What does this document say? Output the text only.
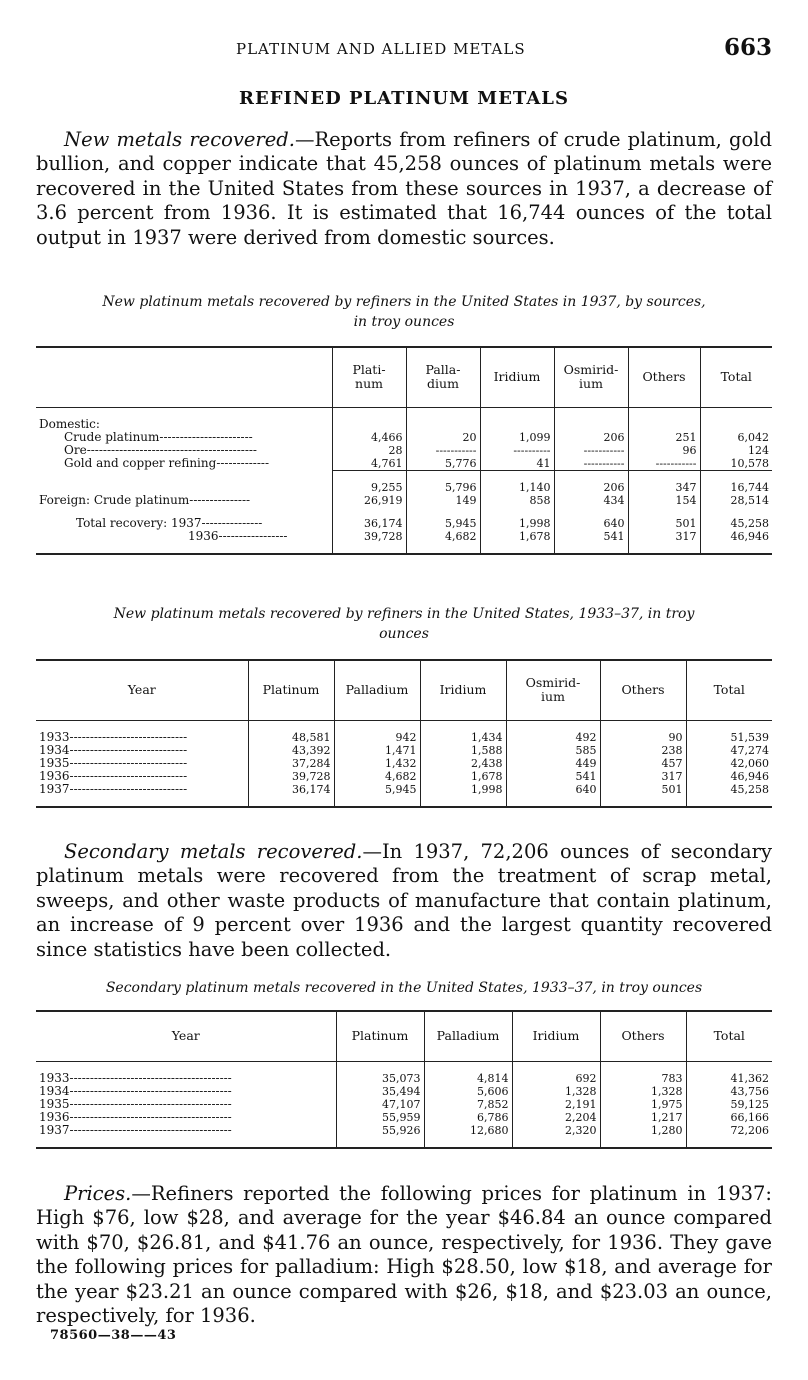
PLATINUM AND ALLIED METALS	663
REFINED PLATINUM METALS

New metals recovered.—Reports from refiners of crude platinum, gold bullion, and copper indicate that 45,258 ounces of platinum metals were recovered in the United States from these sources in 1937, a decrease of 3.6 percent from 1936. It is estimated that 16,744 ounces of the total output in 1937 were derived from domestic sources.

New platinum metals recovered by refiners in the United States in 1937, by sources,
in troy ounces
	Plati-
num	Palla-
dium	Iridium	Osmirid-
ium	Others	Total

Domestic:						
Crude platinum-----------------------	4,466	20	1,099	206	251	6,042
Ore------------------------------------------	28	-----------	----------	-----------	96	124
Gold and copper refining-------------	4,761	5,776	41	-----------	-----------	10,578

	9,255	5,796	1,140	206	347	16,744
Foreign: Crude platinum---------------	26,919	149	858	434	154	28,514

Total recovery: 1937---------------	36,174	5,945	1,998	640	501	45,258
1936-----------------	39,728	4,682	1,678	541	317	46,946

New platinum metals recovered by refiners in the United States, 1933–37, in troy
ounces
Year	Platinum	Palladium	Iridium	Osmirid-
ium	Others	Total

1933-----------------------------	48,581	942	1,434	492	90	51,539
1934-----------------------------	43,392	1,471	1,588	585	238	47,274
1935-----------------------------	37,284	1,432	2,438	449	457	42,060
1936-----------------------------	39,728	4,682	1,678	541	317	46,946
1937-----------------------------	36,174	5,945	1,998	640	501	45,258

Secondary metals recovered.—In 1937, 72,206 ounces of secondary platinum metals were recovered from the treatment of scrap metal, sweeps, and other waste products of manufacture that contain platinum, an increase of 9 percent over 1936 and the largest quantity recovered since statistics have been collected.

Secondary platinum metals recovered in the United States, 1933–37, in troy ounces
Year	Platinum	Palladium	Iridium	Others	Total

1933----------------------------------------	35,073	4,814	692	783	41,362
1934----------------------------------------	35,494	5,606	1,328	1,328	43,756
1935----------------------------------------	47,107	7,852	2,191	1,975	59,125
1936----------------------------------------	55,959	6,786	2,204	1,217	66,166
1937----------------------------------------	55,926	12,680	2,320	1,280	72,206

Prices.—Refiners reported the following prices for platinum in 1937: High $76, low $28, and average for the year $46.84 an ounce compared with $70, $26.81, and $41.76 an ounce, respectively, for 1936. They gave the following prices for palladium: High $28.50, low $18, and average for the year $23.21 an ounce compared with $26, $18, and $23.03 an ounce, respectively, for 1936.

78560—38——43
